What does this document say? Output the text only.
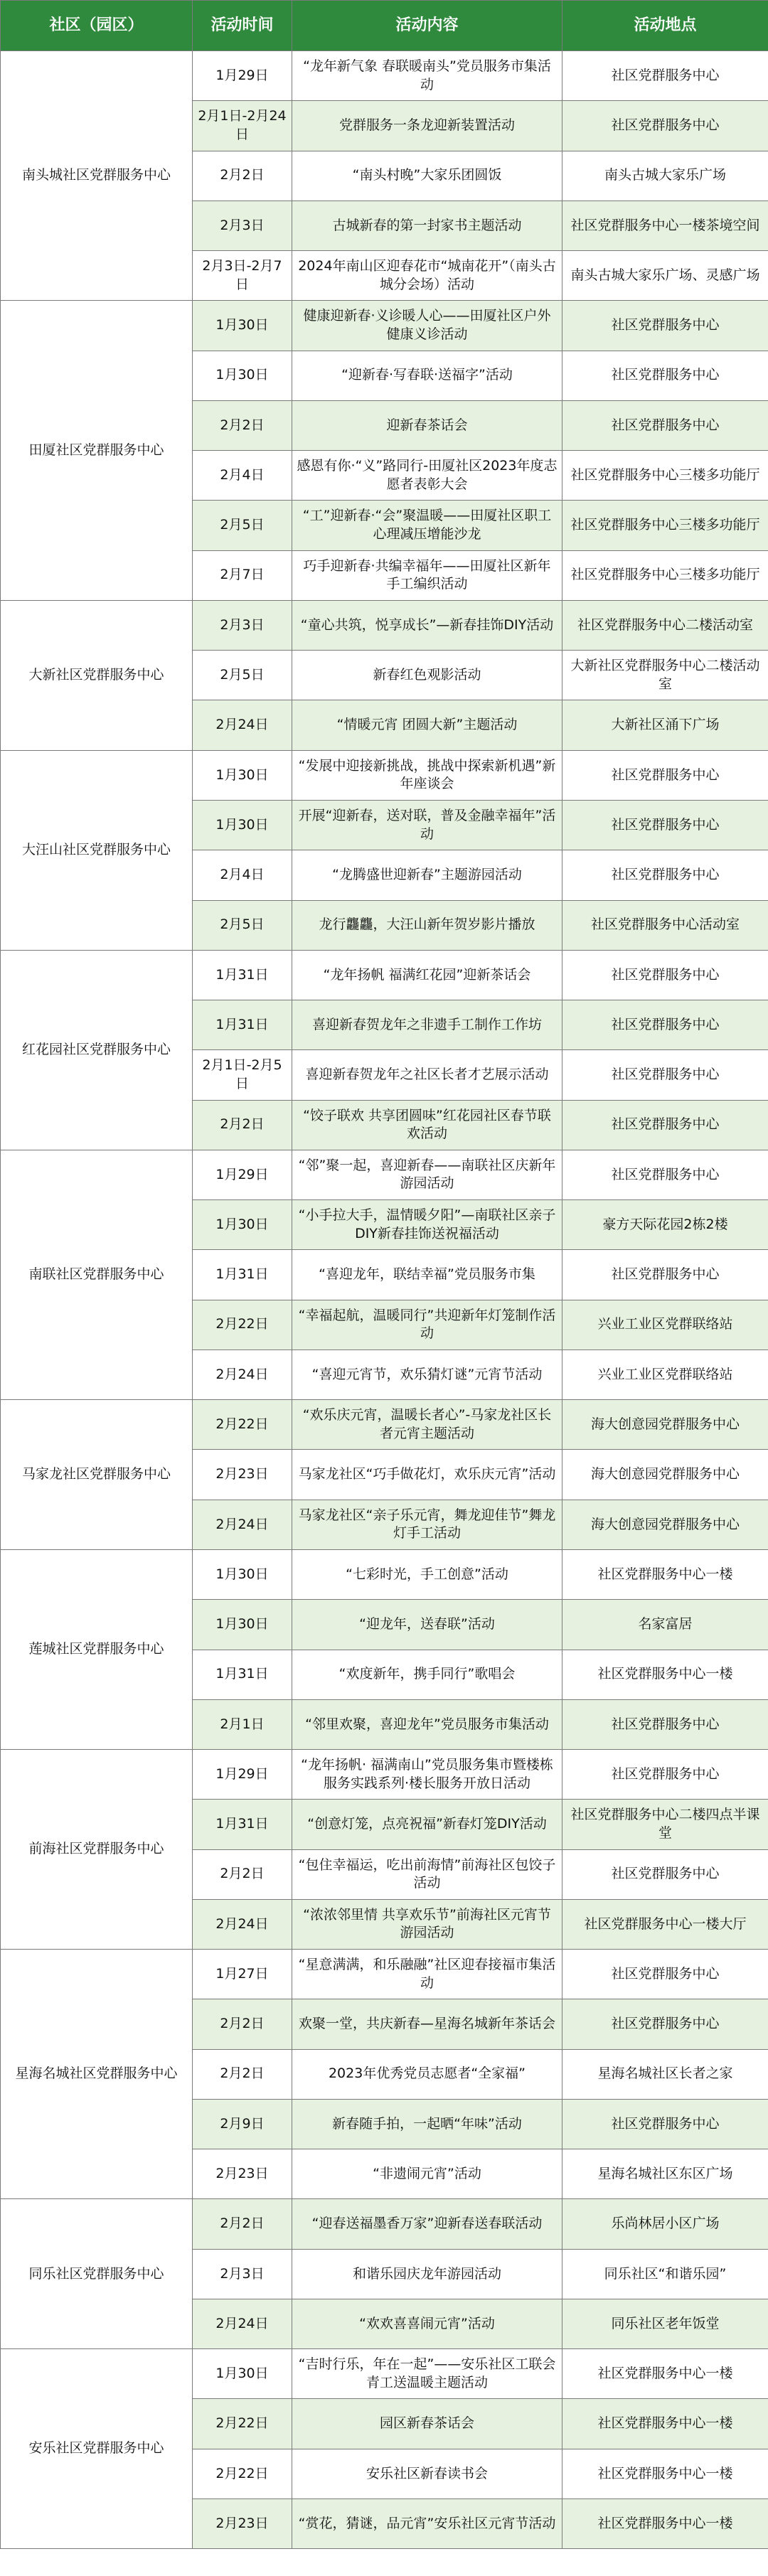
社区（园区）	活动时间	活动内容	活动地点
南头城社区党群服务中心	1月29日	“龙年新气象 春联暖南头”党员服务市集活动	社区党群服务中心
	2月1日-2月24日	党群服务一条龙迎新装置活动	社区党群服务中心
	2月2日	“南头村晚”大家乐团圆饭	南头古城大家乐广场
	2月3日	古城新春的第一封家书主题活动	社区党群服务中心一楼茶境空间
	2月3日-2月7日	2024年南山区迎春花市“城南花开”（南头古城分会场）活动	南头古城大家乐广场、灵感广场
田厦社区党群服务中心	1月30日	健康迎新春·义诊暖人心——田厦社区户外健康义诊活动	社区党群服务中心
	1月30日	“迎新春·写春联·送福字”活动	社区党群服务中心
	2月2日	迎新春茶话会	社区党群服务中心
	2月4日	感恩有你·“义”路同行-田厦社区2023年度志愿者表彰大会	社区党群服务中心三楼多功能厅
	2月5日	“工”迎新春·“会”聚温暖——田厦社区职工心理减压增能沙龙	社区党群服务中心三楼多功能厅
	2月7日	巧手迎新春·共编幸福年——田厦社区新年手工编织活动	社区党群服务中心三楼多功能厅
大新社区党群服务中心	2月3日	“童心共筑，悦享成长”—新春挂饰DIY活动	社区党群服务中心二楼活动室
	2月5日	新春红色观影活动	大新社区党群服务中心二楼活动室
	2月24日	“情暖元宵 团圆大新”主题活动	大新社区涌下广场
大汪山社区党群服务中心	1月30日	“发展中迎接新挑战，挑战中探索新机遇”新年座谈会	社区党群服务中心
	1月30日	开展“迎新春，送对联，普及金融幸福年”活动	社区党群服务中心
	2月4日	“龙腾盛世迎新春”主题游园活动	社区党群服务中心
	2月5日	龙行龘龘，大汪山新年贺岁影片播放	社区党群服务中心活动室
红花园社区党群服务中心	1月31日	“龙年扬帆 福满红花园”迎新茶话会	社区党群服务中心
	1月31日	喜迎新春贺龙年之非遗手工制作工作坊	社区党群服务中心
	2月1日-2月5日	喜迎新春贺龙年之社区长者才艺展示活动	社区党群服务中心
	2月2日	“饺子联欢 共享团圆味”红花园社区春节联欢活动	社区党群服务中心
南联社区党群服务中心	1月29日	“邻”聚一起，喜迎新春——南联社区庆新年游园活动	社区党群服务中心
	1月30日	“小手拉大手，温情暖夕阳”—南联社区亲子DIY新春挂饰送祝福活动	豪方天际花园2栋2楼
	1月31日	“喜迎龙年，联结幸福”党员服务市集	社区党群服务中心
	2月22日	“幸福起航，温暖同行”共迎新年灯笼制作活动	兴业工业区党群联络站
	2月24日	“喜迎元宵节，欢乐猜灯谜”元宵节活动	兴业工业区党群联络站
马家龙社区党群服务中心	2月22日	“欢乐庆元宵，温暖长者心”-马家龙社区长者元宵主题活动	海大创意园党群服务中心
	2月23日	马家龙社区“巧手做花灯，欢乐庆元宵”活动	海大创意园党群服务中心
	2月24日	马家龙社区“亲子乐元宵，舞龙迎佳节”舞龙灯手工活动	海大创意园党群服务中心
莲城社区党群服务中心	1月30日	“七彩时光，手工创意”活动	社区党群服务中心一楼
	1月30日	“迎龙年，送春联”活动	名家富居
	1月31日	“欢度新年，携手同行”歌唱会	社区党群服务中心一楼
	2月1日	“邻里欢聚，喜迎龙年”党员服务市集活动	社区党群服务中心
前海社区党群服务中心	1月29日	“龙年扬帆· 福满南山”党员服务集市暨楼栋服务实践系列·楼长服务开放日活动	社区党群服务中心
	1月31日	“创意灯笼，点亮祝福”新春灯笼DIY活动	社区党群服务中心二楼四点半课堂
	2月2日	“包住幸福运，吃出前海情”前海社区包饺子活动	社区党群服务中心
	2月24日	“浓浓邻里情 共享欢乐节”前海社区元宵节游园活动	社区党群服务中心一楼大厅
星海名城社区党群服务中心	1月27日	“星意满满，和乐融融”社区迎春接福市集活动	社区党群服务中心
	2月2日	欢聚一堂，共庆新春—星海名城新年茶话会	社区党群服务中心
	2月2日	2023年优秀党员志愿者“全家福”	星海名城社区长者之家
	2月9日	新春随手拍，一起晒“年味”活动	社区党群服务中心
	2月23日	“非遗闹元宵”活动	星海名城社区东区广场
同乐社区党群服务中心	2月2日	“迎春送福墨香万家”迎新春送春联活动	乐尚林居小区广场
	2月3日	和谐乐园庆龙年游园活动	同乐社区“和谐乐园”
	2月24日	“欢欢喜喜闹元宵”活动	同乐社区老年饭堂
安乐社区党群服务中心	1月30日	“吉时行乐，年在一起”——安乐社区工联会青工送温暖主题活动	社区党群服务中心一楼
	2月22日	园区新春茶话会	社区党群服务中心一楼
	2月22日	安乐社区新春读书会	社区党群服务中心一楼
	2月23日	“赏花，猜谜，品元宵”安乐社区元宵节活动	社区党群服务中心一楼
